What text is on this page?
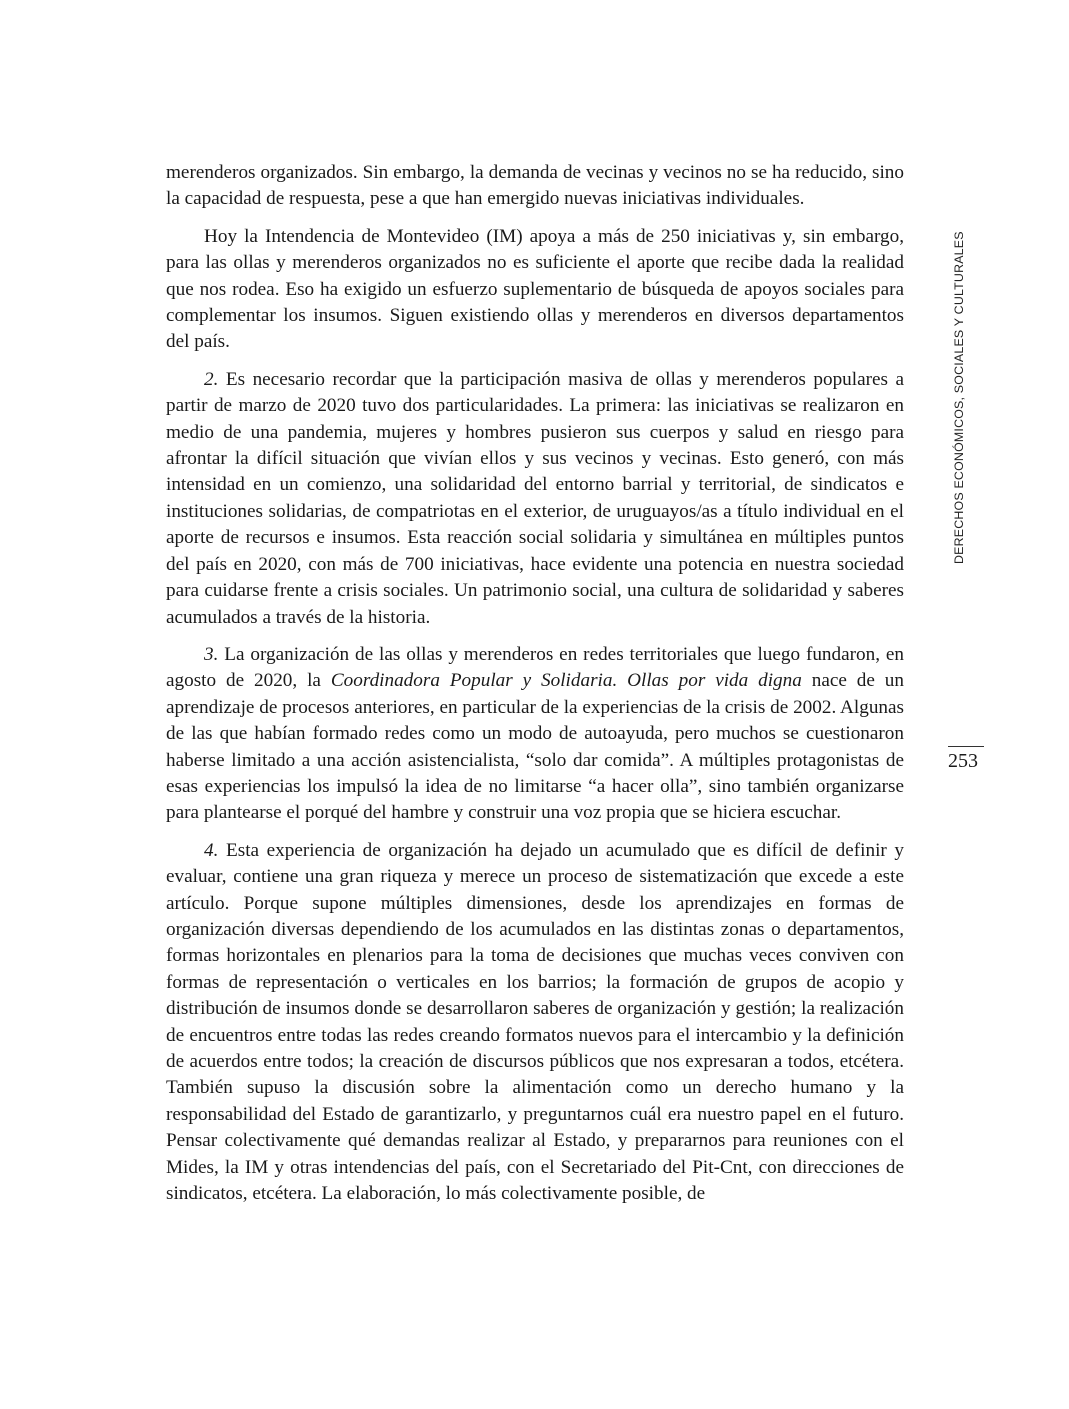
merenderos organizados. Sin embargo, la demanda de vecinas y vecinos no se ha reducido, sino la capacidad de respuesta, pese a que han emergido nuevas iniciativas individuales.

Hoy la Intendencia de Montevideo (IM) apoya a más de 250 iniciativas y, sin embargo, para las ollas y merenderos organizados no es suficiente el aporte que recibe dada la realidad que nos rodea. Eso ha exigido un esfuerzo suplementario de búsqueda de apoyos sociales para complementar los insumos. Siguen existiendo ollas y merenderos en diversos departamentos del país.

2. Es necesario recordar que la participación masiva de ollas y merenderos populares a partir de marzo de 2020 tuvo dos particularidades. La primera: las iniciativas se realizaron en medio de una pandemia, mujeres y hombres pusieron sus cuerpos y salud en riesgo para afrontar la difícil situación que vivían ellos y sus vecinos y vecinas. Esto generó, con más intensidad en un comienzo, una solidaridad del entorno barrial y territorial, de sindicatos e instituciones solidarias, de compatriotas en el exterior, de uruguayos/as a título individual en el aporte de recursos e insumos. Esta reacción social solidaria y simultánea en múltiples puntos del país en 2020, con más de 700 iniciativas, hace evidente una potencia en nuestra sociedad para cuidarse frente a crisis sociales. Un patrimonio social, una cultura de solidaridad y saberes acumulados a través de la historia.

3. La organización de las ollas y merenderos en redes territoriales que luego fundaron, en agosto de 2020, la Coordinadora Popular y Solidaria. Ollas por vida digna nace de un aprendizaje de procesos anteriores, en particular de la experiencias de la crisis de 2002. Algunas de las que habían formado redes como un modo de autoayuda, pero muchos se cuestionaron haberse limitado a una acción asistencialista, “solo dar comida”. A múltiples protagonistas de esas experiencias los impulsó la idea de no limitarse “a hacer olla”, sino también organizarse para plantearse el porqué del hambre y construir una voz propia que se hiciera escuchar.

4. Esta experiencia de organización ha dejado un acumulado que es difícil de definir y evaluar, contiene una gran riqueza y merece un proceso de sistematización que excede a este artículo. Porque supone múltiples dimensiones, desde los aprendizajes en formas de organización diversas dependiendo de los acumulados en las distintas zonas o departamentos, formas horizontales en plenarios para la toma de decisiones que muchas veces conviven con formas de representación o verticales en los barrios; la formación de grupos de acopio y distribución de insumos donde se desarrollaron saberes de organización y gestión; la realización de encuentros entre todas las redes creando formatos nuevos para el intercambio y la definición de acuerdos entre todos; la creación de discursos públicos que nos expresaran a todos, etcétera. También supuso la discusión sobre la alimentación como un derecho humano y la responsabilidad del Estado de garantizarlo, y preguntarnos cuál era nuestro papel en el futuro. Pensar colectivamente qué demandas realizar al Estado, y prepararnos para reuniones con el Mides, la IM y otras intendencias del país, con el Secretariado del Pit-Cnt, con direcciones de sindicatos, etcétera. La elaboración, lo más colectivamente posible, de

DERECHOS ECONÓMICOS, SOCIALES Y CULTURALES
253
